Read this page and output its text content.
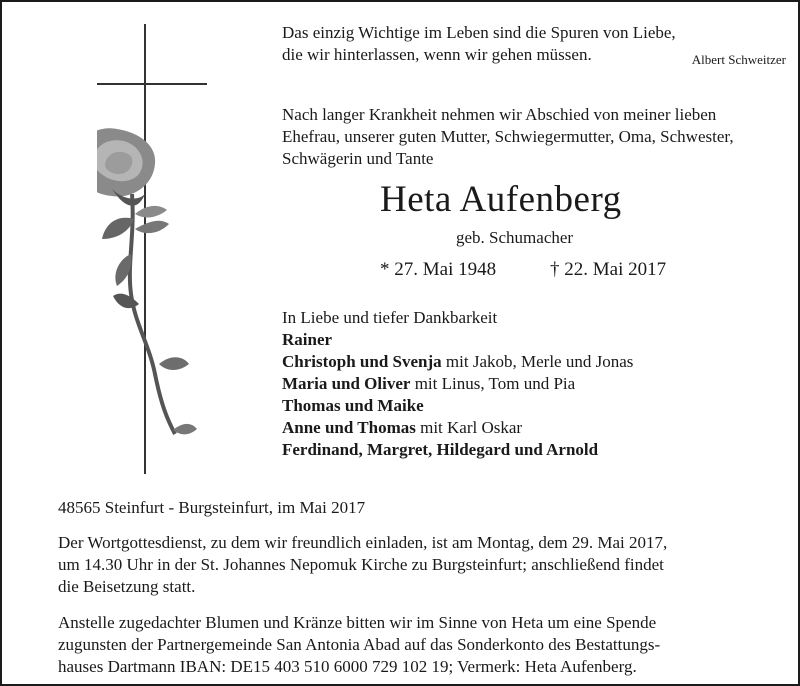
Das einzig Wichtige im Leben sind die Spuren von Liebe,
die wir hinterlassen, wenn wir gehen müssen.	Albert Schweitzer
Nach langer Krankheit nehmen wir Abschied von meiner lieben
Ehefrau, unserer guten Mutter, Schwiegermutter, Oma, Schwester,
Schwägerin und Tante
Heta Aufenberg
geb. Schumacher
* 27. Mai 1948	† 22. Mai 2017
In Liebe und tiefer Dankbarkeit
Rainer
Christoph und Svenja mit Jakob, Merle und Jonas
Maria und Oliver mit Linus, Tom und Pia
Thomas und Maike
Anne und Thomas mit Karl Oskar
Ferdinand, Margret, Hildegard und Arnold
48565 Steinfurt - Burgsteinfurt, im Mai 2017
Der Wortgottesdienst, zu dem wir freundlich einladen, ist am Montag, dem 29. Mai 2017,
um 14.30 Uhr in der St. Johannes Nepomuk Kirche zu Burgsteinfurt; anschließend findet
die Beisetzung statt.
Anstelle zugedachter Blumen und Kränze bitten wir im Sinne von Heta um eine Spende
zugunsten der Partnergemeinde San Antonia Abad auf das Sonderkonto des Bestattungs-
hauses Dartmann IBAN: DE15 403 510 6000 729 102 19; Vermerk: Heta Aufenberg.
